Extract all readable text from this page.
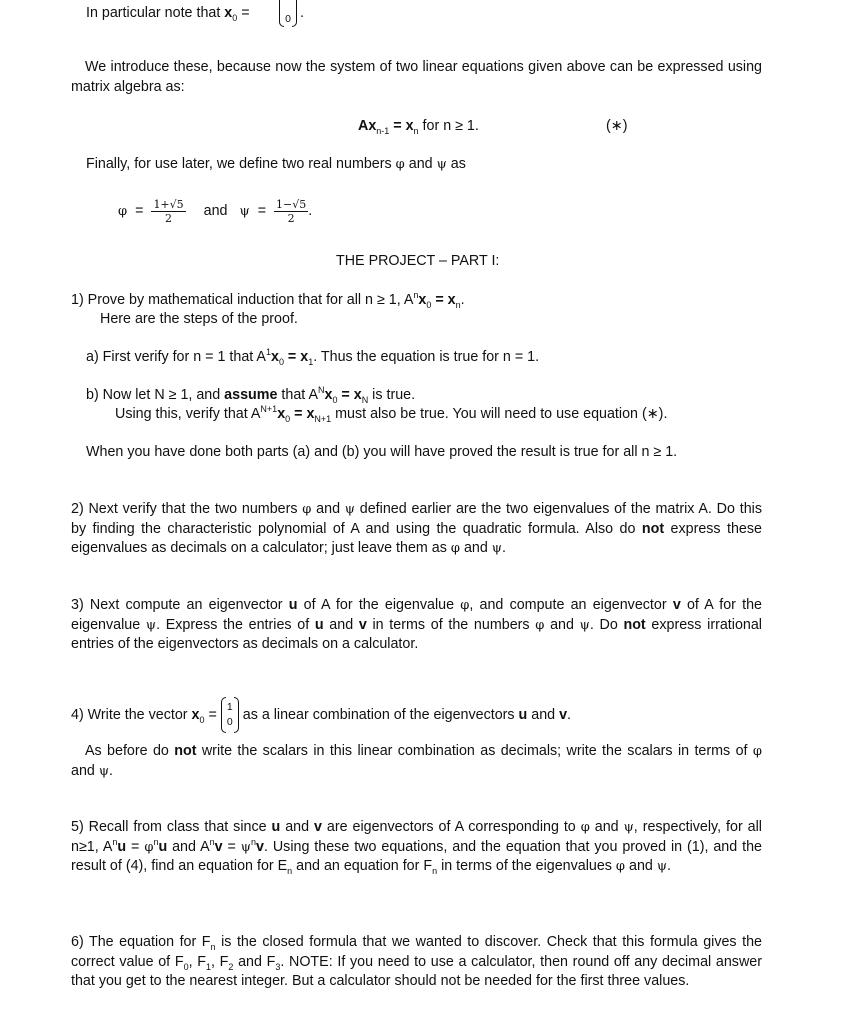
In particular note that $x_0$ =
	0 .

We introduce these, because now the system of two linear equations given above can be expressed using matrix algebra as:

$Ax_{n-1} = x_n$ for n ≥ 1.	(∗)
Finally, for use later, we define two real numbers φ and ψ as
$\varphi = \frac{1+√5}{2}$ and $\psi = \frac{1-√5}{2}$ .
THE PROJECT – PART I:
1) Prove by mathematical induction that for all n ≥ 1, $A^nx_0 = x_n$.
Here are the steps of the proof.
a) First verify for n = 1 that $A^1x_0 = x_1$. Thus the equation is true for n = 1.
b) Now let N ≥ 1, and assume that $A^Nx_0 = x_N$ is true.
Using this, verify that $A^{N+1}x_0 = x_{N+1}$ must also be true. You will need to use equation (∗).
When you have done both parts (a) and (b) you will have proved the result is true for all n ≥ 1.

2) Next verify that the two numbers φ and ψ defined earlier are the two eigenvalues of the matrix A. Do this by finding the characteristic polynomial of A and using the quadratic formula. Also do not express these eigenvalues as decimals on a calculator; just leave them as φ and ψ.

3) Next compute an eigenvector u of A for the eigenvalue φ, and compute an eigenvector v of A for the eigenvalue ψ. Express the entries of u and v in terms of the numbers φ and ψ. Do not express irrational entries of the eigenvectors as decimals on a calculator.

4) Write the vector $x_0 = 1$
0 as a linear combination of the eigenvectors u and v.

As before do not write the scalars in this linear combination as decimals; write the scalars in terms of φ and ψ.

5) Recall from class that since u and v are eigenvectors of A corresponding to φ and ψ, respectively, for all n≥1, $A^nu = \varphi^nu$ and $A^nv = \psi^nv$. Using these two equations, and the equation that you proved in (1), and the result of (4), find an equation for $E_n$ and an equation for $F_n$ in terms of the eigenvalues φ and ψ.

6) The equation for $F_n$ is the closed formula that we wanted to discover. Check that this formula gives the correct value of $F_0$, $F_1$, $F_2$ and $F_3$. NOTE: If you need to use a calculator, then round off any decimal answer that you get to the nearest integer. But a calculator should not be needed for the first three values.
